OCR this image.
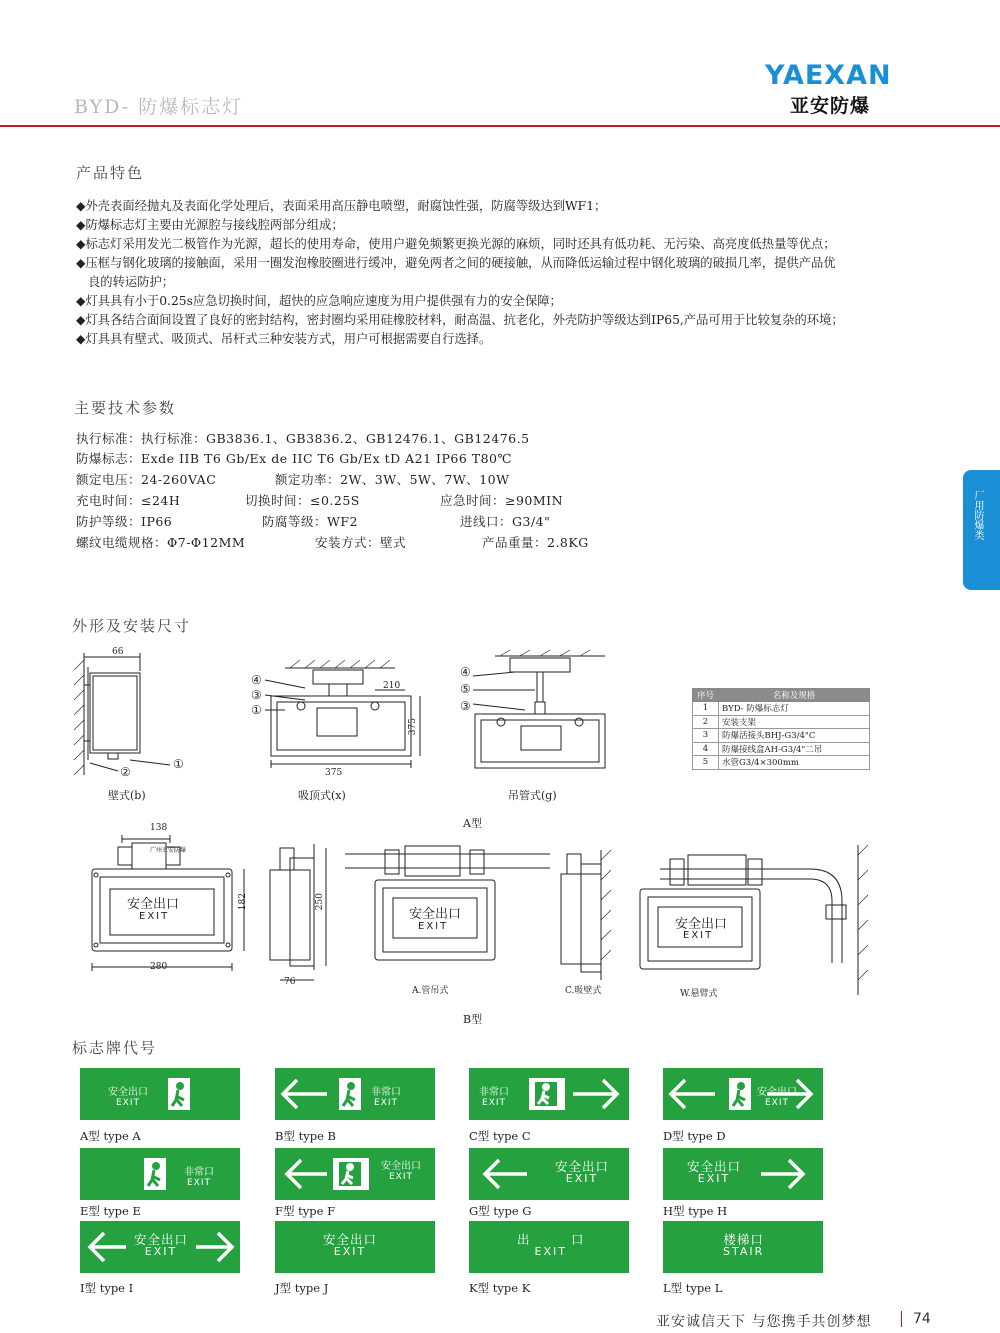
BYD- 防爆标志灯
YAEXAN
亚安防爆
产品特色
◆外壳表面经抛丸及表面化学处理后，表面采用高压静电喷塑，耐腐蚀性强，防腐等级达到WF1；
◆防爆标志灯主要由光源腔与接线腔两部分组成；
◆标志灯采用发光二极管作为光源，超长的使用寿命，使用户避免频繁更换光源的麻烦，同时还具有低功耗、无污染、高亮度低热量等优点；
◆压框与钢化玻璃的接触面，采用一圈发泡橡胶圈进行缓冲，避免两者之间的硬接触，从而降低运输过程中钢化玻璃的破损几率，提供产品优
良的转运防护；
◆灯具具有小于0.25s应急切换时间，超快的应急响应速度为用户提供强有力的安全保障；
◆灯具各结合面间设置了良好的密封结构，密封圈均采用硅橡胶材料，耐高温、抗老化，外壳防护等级达到IP65,产品可用于比较复杂的环境；
◆灯具具有壁式、吸顶式、吊杆式三种安装方式，用户可根据需要自行选择。
主要技术参数
执行标准：执行标准：GB3836.1、GB3836.2、GB12476.1、GB12476.5
防爆标志：Exde IIB T6 Gb/Ex de IIC T6 Gb/Ex tD A21 IP66 T80℃
额定电压：24-260VAC	额定功率：2W、3W、5W、7W、10W
充电时间：≤24H	切换时间：≤0.25S	应急时间：≥90MIN
防护等级：IP66	防腐等级：WF2	进线口：G3/4"
螺纹电缆规格：Φ7-Φ12MM	安装方式：壁式	产品重量：2.8KG
厂用防爆类
外形及安装尺寸
66
①
②
壁式(b)
④
③
①
210
375
375
吸顶式(x)
④
⑤
③
吊管式(g)
序号	名称及规格
1	BYD- 防爆标志灯
2	安装支架
3	防爆活接头BHJ-G3/4"C
4	防爆接线盒AH-G3/4"二吊
5	水管G3/4×300mm
A型
138
182
280
广州亚安防爆
安全出口
EXIT
250
76
安全出口
EXIT
A.管吊式	C.吸壁式
安全出口
EXIT
W.悬臂式
B型
标志牌代号
安全出口
EXIT
A型 type A
非常口
EXIT
B型 type B
非常口
EXIT
C型 type C
安全出口
EXIT
D型 type D
非常口
EXIT
E型 type E
安全出口
EXIT
F型 type F
安全出口
EXIT
G型 type G
安全出口
EXIT
H型 type H
安全出口
EXIT
I型 type I
安全出口
EXIT
J型 type J
出　　　口
EXIT
K型 type K
楼梯口
STAIR
L型 type L
亚安诚信天下 与您携手共创梦想	74
